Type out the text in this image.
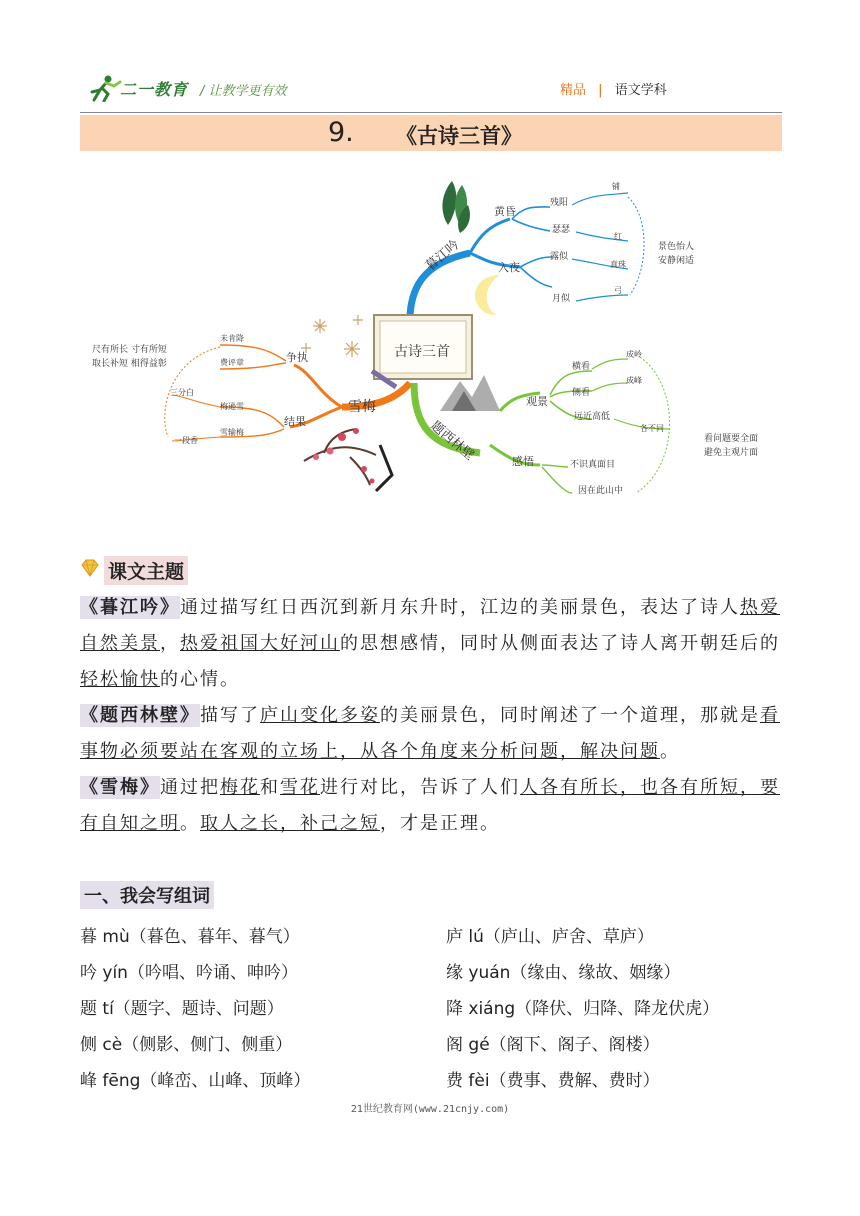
二一教育 / 让教学更有效	精品 | 语文学科
9. 《古诗三首》
暮江吟
黄昏
入夜
残阳
瑟瑟
露似
月似
铺
红
真珠
弓
景色怡人
安静闲适
古诗三首
雪梅
争执
结果
未肯降
费评章
梅逊雪
雪输梅
三分白
一段香
尺有所长 寸有所短
取长补短 相得益彰
题西林壁
观景
感悟
横看
侧看
远近高低
成岭
成峰
各不同
不识真面目
因在此山中
看问题要全面
避免主观片面
课文主题
《暮江吟》通过描写红日西沉到新月东升时，江边的美丽景色，表达了诗人热爱自然美景，热爱祖国大好河山的思想感情，同时从侧面表达了诗人离开朝廷后的轻松愉快的心情。
《题西林壁》描写了庐山变化多姿的美丽景色，同时阐述了一个道理，那就是看事物必须要站在客观的立场上，从各个角度来分析问题，解决问题。
《雪梅》通过把梅花和雪花进行对比，告诉了人们人各有所长，也各有所短，要有自知之明。取人之长，补己之短，才是正理。
一、我会写组词
暮 mù（暮色、暮年、暮气）	庐 lú（庐山、庐舍、草庐）
吟 yín（吟唱、吟诵、呻吟）	缘 yuán（缘由、缘故、姻缘）
题 tí（题字、题诗、问题）	降 xiáng（降伏、归降、降龙伏虎）
侧 cè（侧影、侧门、侧重）	阁 gé（阁下、阁子、阁楼）
峰 fēng（峰峦、山峰、顶峰）	费 fèi（费事、费解、费时）
21世纪教育网(www.21cnjy.com)
